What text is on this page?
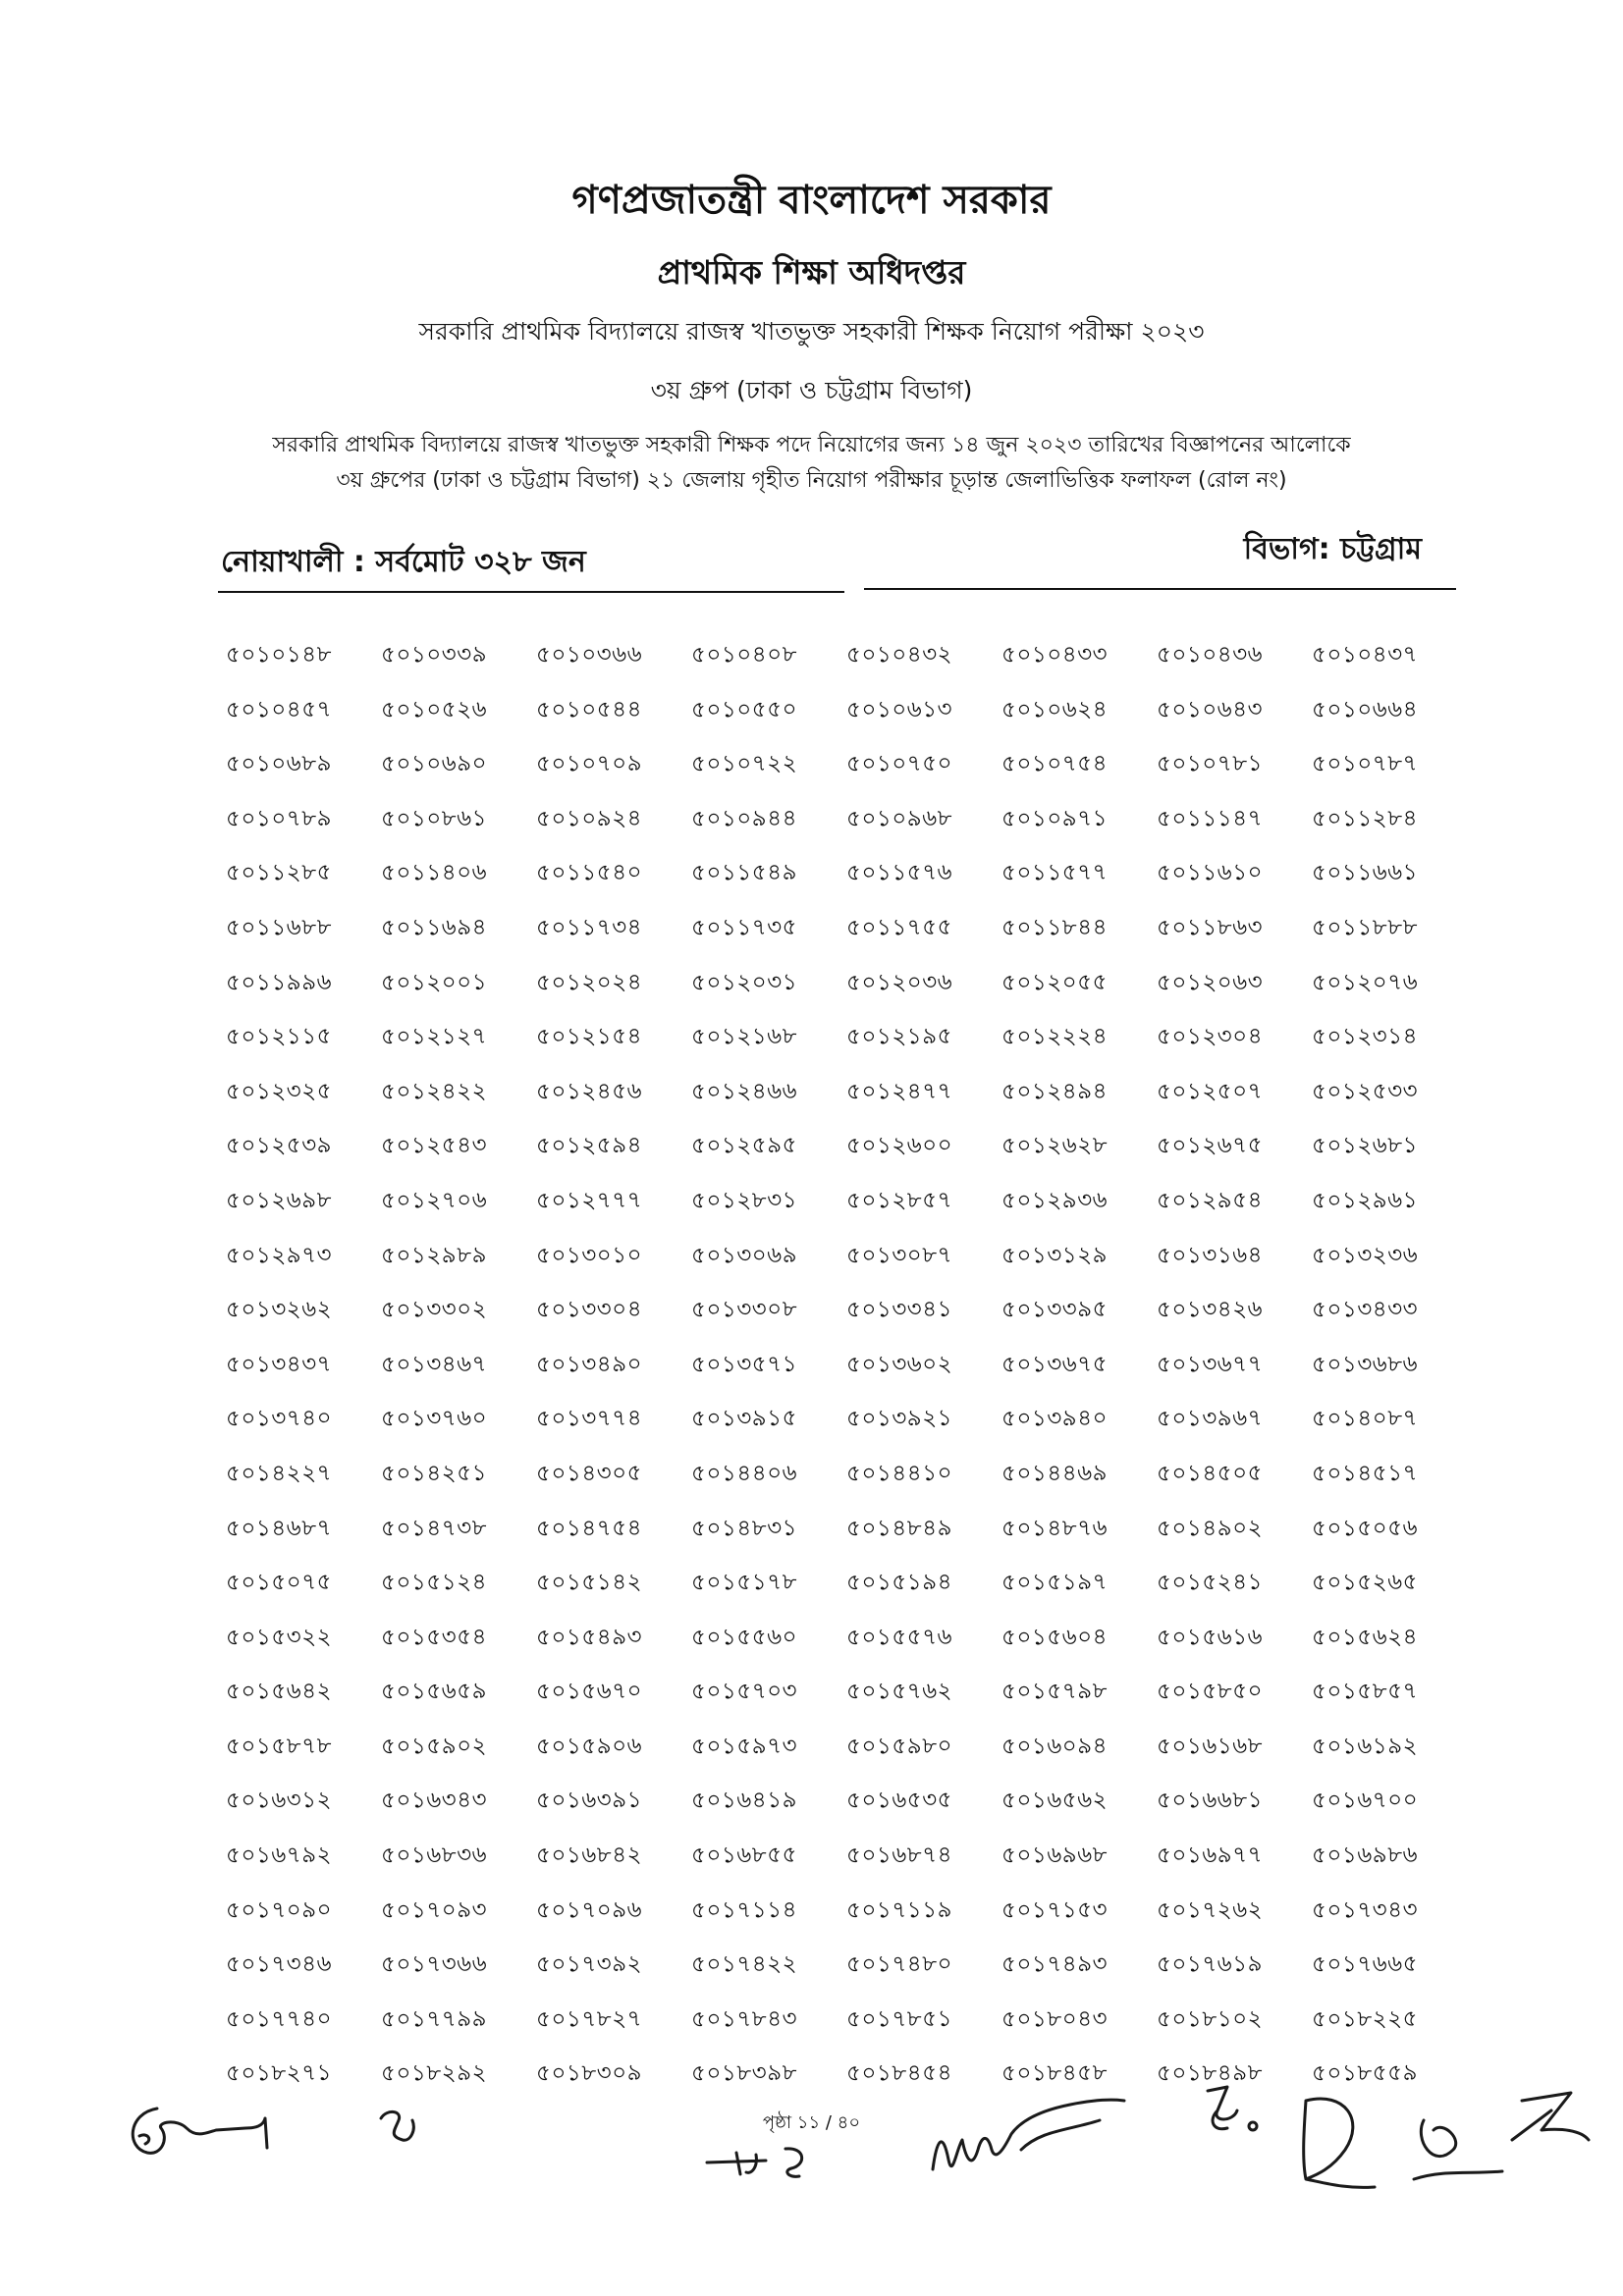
গণপ্রজাতন্ত্রী বাংলাদেশ সরকার
প্রাথমিক শিক্ষা অধিদপ্তর
সরকারি প্রাথমিক বিদ্যালয়ে রাজস্ব খাতভুক্ত সহকারী শিক্ষক নিয়োগ পরীক্ষা ২০২৩
৩য় গ্রুপ (ঢাকা ও চট্টগ্রাম বিভাগ)
সরকারি প্রাথমিক বিদ্যালয়ে রাজস্ব খাতভুক্ত সহকারী শিক্ষক পদে নিয়োগের জন্য ১৪ জুন ২০২৩ তারিখের বিজ্ঞাপনের আলোকে
৩য় গ্রুপের (ঢাকা ও চট্টগ্রাম বিভাগ) ২১ জেলায় গৃহীত নিয়োগ পরীক্ষার চূড়ান্ত জেলাভিত্তিক ফলাফল (রোল নং)
নোয়াখালী : সর্বমোট ৩২৮ জন	বিভাগ: চট্টগ্রাম
৫০১০১৪৮	৫০১০৩৩৯	৫০১০৩৬৬	৫০১০৪০৮	৫০১০৪৩২	৫০১০৪৩৩	৫০১০৪৩৬	৫০১০৪৩৭
৫০১০৪৫৭	৫০১০৫২৬	৫০১০৫৪৪	৫০১০৫৫০	৫০১০৬১৩	৫০১০৬২৪	৫০১০৬৪৩	৫০১০৬৬৪
৫০১০৬৮৯	৫০১০৬৯০	৫০১০৭০৯	৫০১০৭২২	৫০১০৭৫০	৫০১০৭৫৪	৫০১০৭৮১	৫০১০৭৮৭
৫০১০৭৮৯	৫০১০৮৬১	৫০১০৯২৪	৫০১০৯৪৪	৫০১০৯৬৮	৫০১০৯৭১	৫০১১১৪৭	৫০১১২৮৪
৫০১১২৮৫	৫০১১৪০৬	৫০১১৫৪০	৫০১১৫৪৯	৫০১১৫৭৬	৫০১১৫৭৭	৫০১১৬১০	৫০১১৬৬১
৫০১১৬৮৮	৫০১১৬৯৪	৫০১১৭৩৪	৫০১১৭৩৫	৫০১১৭৫৫	৫০১১৮৪৪	৫০১১৮৬৩	৫০১১৮৮৮
৫০১১৯৯৬	৫০১২০০১	৫০১২০২৪	৫০১২০৩১	৫০১২০৩৬	৫০১২০৫৫	৫০১২০৬৩	৫০১২০৭৬
৫০১২১১৫	৫০১২১২৭	৫০১২১৫৪	৫০১২১৬৮	৫০১২১৯৫	৫০১২২২৪	৫০১২৩০৪	৫০১২৩১৪
৫০১২৩২৫	৫০১২৪২২	৫০১২৪৫৬	৫০১২৪৬৬	৫০১২৪৭৭	৫০১২৪৯৪	৫০১২৫০৭	৫০১২৫৩৩
৫০১২৫৩৯	৫০১২৫৪৩	৫০১২৫৯৪	৫০১২৫৯৫	৫০১২৬০০	৫০১২৬২৮	৫০১২৬৭৫	৫০১২৬৮১
৫০১২৬৯৮	৫০১২৭০৬	৫০১২৭৭৭	৫০১২৮৩১	৫০১২৮৫৭	৫০১২৯৩৬	৫০১২৯৫৪	৫০১২৯৬১
৫০১২৯৭৩	৫০১২৯৮৯	৫০১৩০১০	৫০১৩০৬৯	৫০১৩০৮৭	৫০১৩১২৯	৫০১৩১৬৪	৫০১৩২৩৬
৫০১৩২৬২	৫০১৩৩০২	৫০১৩৩০৪	৫০১৩৩০৮	৫০১৩৩৪১	৫০১৩৩৯৫	৫০১৩৪২৬	৫০১৩৪৩৩
৫০১৩৪৩৭	৫০১৩৪৬৭	৫০১৩৪৯০	৫০১৩৫৭১	৫০১৩৬০২	৫০১৩৬৭৫	৫০১৩৬৭৭	৫০১৩৬৮৬
৫০১৩৭৪০	৫০১৩৭৬০	৫০১৩৭৭৪	৫০১৩৯১৫	৫০১৩৯২১	৫০১৩৯৪০	৫০১৩৯৬৭	৫০১৪০৮৭
৫০১৪২২৭	৫০১৪২৫১	৫০১৪৩০৫	৫০১৪৪০৬	৫০১৪৪১০	৫০১৪৪৬৯	৫০১৪৫০৫	৫০১৪৫১৭
৫০১৪৬৮৭	৫০১৪৭৩৮	৫০১৪৭৫৪	৫০১৪৮৩১	৫০১৪৮৪৯	৫০১৪৮৭৬	৫০১৪৯০২	৫০১৫০৫৬
৫০১৫০৭৫	৫০১৫১২৪	৫০১৫১৪২	৫০১৫১৭৮	৫০১৫১৯৪	৫০১৫১৯৭	৫০১৫২৪১	৫০১৫২৬৫
৫০১৫৩২২	৫০১৫৩৫৪	৫০১৫৪৯৩	৫০১৫৫৬০	৫০১৫৫৭৬	৫০১৫৬০৪	৫০১৫৬১৬	৫০১৫৬২৪
৫০১৫৬৪২	৫০১৫৬৫৯	৫০১৫৬৭০	৫০১৫৭০৩	৫০১৫৭৬২	৫০১৫৭৯৮	৫০১৫৮৫০	৫০১৫৮৫৭
৫০১৫৮৭৮	৫০১৫৯০২	৫০১৫৯০৬	৫০১৫৯৭৩	৫০১৫৯৮০	৫০১৬০৯৪	৫০১৬১৬৮	৫০১৬১৯২
৫০১৬৩১২	৫০১৬৩৪৩	৫০১৬৩৯১	৫০১৬৪১৯	৫০১৬৫৩৫	৫০১৬৫৬২	৫০১৬৬৮১	৫০১৬৭০০
৫০১৬৭৯২	৫০১৬৮৩৬	৫০১৬৮৪২	৫০১৬৮৫৫	৫০১৬৮৭৪	৫০১৬৯৬৮	৫০১৬৯৭৭	৫০১৬৯৮৬
৫০১৭০৯০	৫০১৭০৯৩	৫০১৭০৯৬	৫০১৭১১৪	৫০১৭১১৯	৫০১৭১৫৩	৫০১৭২৬২	৫০১৭৩৪৩
৫০১৭৩৪৬	৫০১৭৩৬৬	৫০১৭৩৯২	৫০১৭৪২২	৫০১৭৪৮০	৫০১৭৪৯৩	৫০১৭৬১৯	৫০১৭৬৬৫
৫০১৭৭৪০	৫০১৭৭৯৯	৫০১৭৮২৭	৫০১৭৮৪৩	৫০১৭৮৫১	৫০১৮০৪৩	৫০১৮১০২	৫০১৮২২৫
৫০১৮২৭১	৫০১৮২৯২	৫০১৮৩০৯	৫০১৮৩৯৮	৫০১৮৪৫৪	৫০১৮৪৫৮	৫০১৮৪৯৮	৫০১৮৫৫৯
পৃষ্ঠা ১১ / ৪০
